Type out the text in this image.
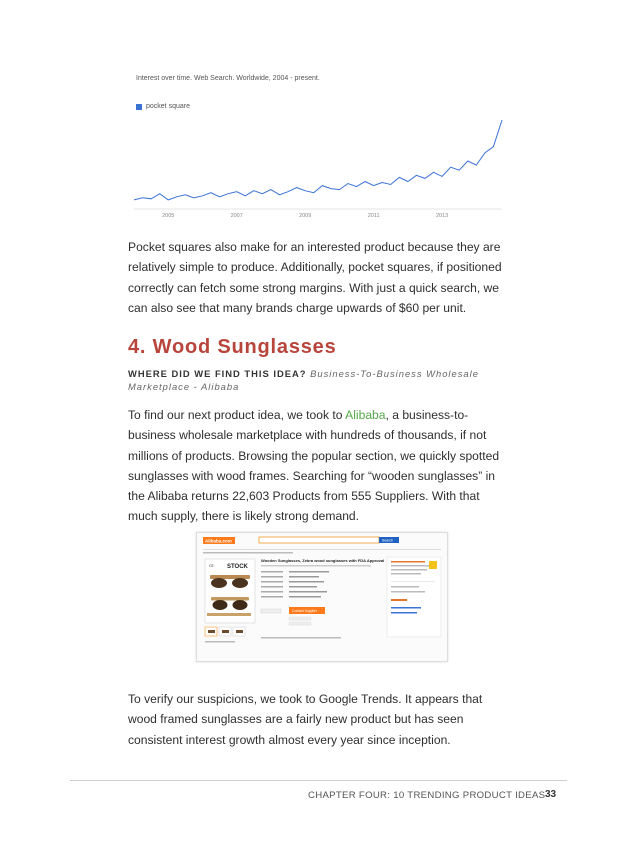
Interest over time. Web Search. Worldwide, 2004 - present.
pocket square
2005	2007	2009	2011	2013
Pocket squares also make for an interested product because they are relatively simple to produce. Additionally, pocket squares, if positioned correctly can fetch some strong margins. With just a quick search, we can also see that many brands charge upwards of $60 per unit.
4. Wood Sunglasses
WHERE DID WE FIND THIS IDEA? Business-To-Business Wholesale Marketplace - Alibaba
To find our next product idea, we took to Alibaba, a business-to-business wholesale marketplace with hundreds of thousands, if not millions of products. Browsing the popular section, we quickly spotted sunglasses with wood frames. Searching for “wooden sunglasses” in the Alibaba returns 22,603 Products from 555 Suppliers. With that much supply, there is likely strong demand.
Alibaba.com	Search
CE STOCK
Wooden Sunglasses, Zebra wood sunglasses with FDA Approval
Contact Supplier
To verify our suspicions, we took to Google Trends. It appears that wood framed sunglasses are a fairly new product but has seen consistent interest growth almost every year since inception.
CHAPTER FOUR: 10 TRENDING PRODUCT IDEAS 33
